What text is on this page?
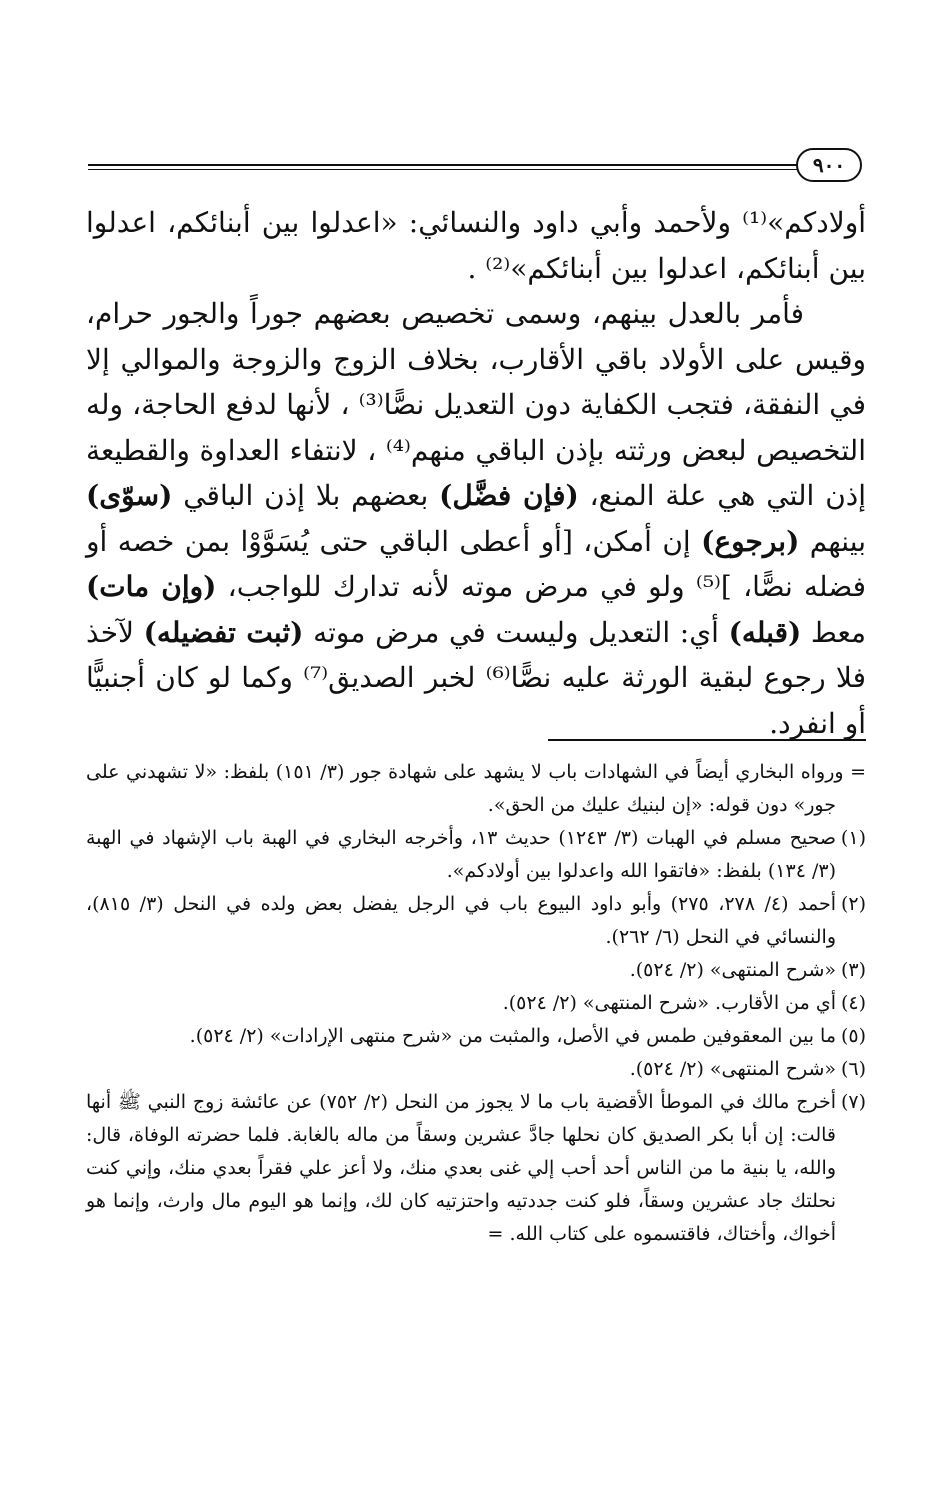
٩٠٠

أولادكم»⁽¹⁾ ولأحمد وأبي داود والنسائي: «اعدلوا بين أبنائكم، اعدلوا بين أبنائكم، اعدلوا بين أبنائكم»⁽²⁾ .

فأمر بالعدل بينهم، وسمى تخصيص بعضهم جوراً والجور حرام، وقيس على الأولاد باقي الأقارب، بخلاف الزوج والزوجة والموالي إلا في النفقة، فتجب الكفاية دون التعديل نصًّا⁽³⁾ ، لأنها لدفع الحاجة، وله التخصيص لبعض ورثته بإذن الباقي منهم⁽⁴⁾ ، لانتفاء العداوة والقطيعة إذن التي هي علة المنع، (فإن فضَّل) بعضهم بلا إذن الباقي (سوّى) بينهم (برجوع) إن أمكن، [أو أعطى الباقي حتى يُسَوَّوْا بمن خصه أو فضله نصًّا، ]⁽⁵⁾ ولو في مرض موته لأنه تدارك للواجب، (وإن مات) معط (قبله) أي: التعديل وليست في مرض موته (ثبت تفضيله) لآخذ فلا رجوع لبقية الورثة عليه نصًّا⁽⁶⁾ لخبر الصديق⁽⁷⁾ وكما لو كان أجنبيًّا أو انفرد.

= ورواه البخاري أيضاً في الشهادات باب لا يشهد على شهادة جور (٣/ ١٥١) بلفظ: «لا تشهدني على جور» دون قوله: «إن لبنيك عليك من الحق».

(١)صحيح مسلم في الهبات (٣/ ١٢٤٣) حديث ١٣، وأخرجه البخاري في الهبة باب الإشهاد في الهبة (٣/ ١٣٤) بلفظ: «فاتقوا الله واعدلوا بين أولادكم».

(٢)أحمد (٤/ ٢٧٨، ٢٧٥) وأبو داود البيوع باب في الرجل يفضل بعض ولده في النحل (٣/ ٨١٥)، والنسائي في النحل (٦/ ٢٦٢).

(٣)«شرح المنتهى» (٢/ ٥٢٤).

(٤)أي من الأقارب. «شرح المنتهى» (٢/ ٥٢٤).

(٥)ما بين المعقوفين طمس في الأصل، والمثبت من «شرح منتهى الإرادات» (٢/ ٥٢٤).

(٦)«شرح المنتهى» (٢/ ٥٢٤).

(٧)أخرج مالك في الموطأ الأقضية باب ما لا يجوز من النحل (٢/ ٧٥٢) عن عائشة زوج النبي ﷺ أنها قالت: إن أبا بكر الصديق كان نحلها جادَّ عشرين وسقاً من ماله بالغابة. فلما حضرته الوفاة، قال: والله، يا بنية ما من الناس أحد أحب إلي غنى بعدي منك، ولا أعز علي فقراً بعدي منك، وإني كنت نحلتك جاد عشرين وسقاً، فلو كنت جددتيه واحتزتيه كان لك، وإنما هو اليوم مال وارث، وإنما هو أخواك، وأختاك، فاقتسموه على كتاب الله. =
